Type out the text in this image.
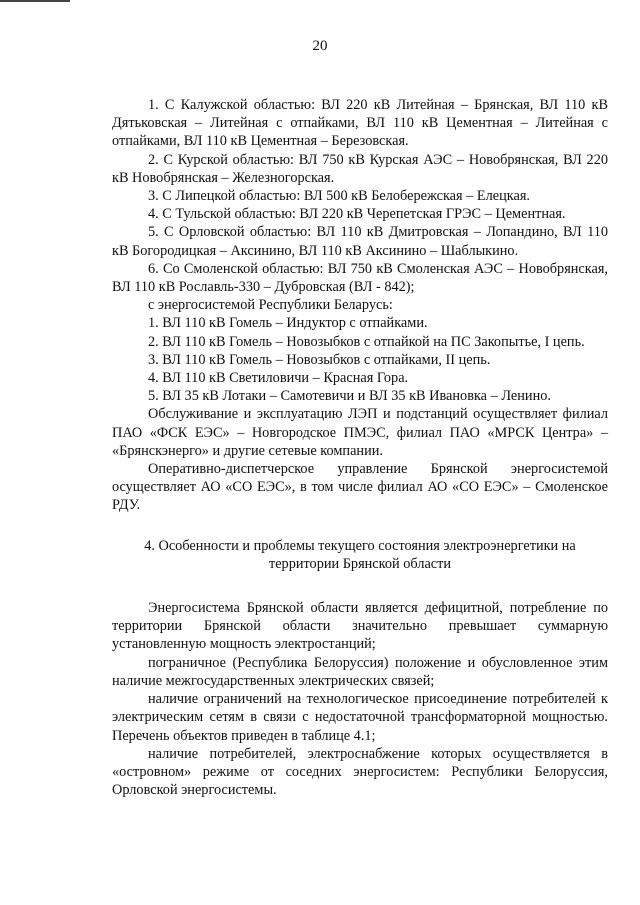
20

1. С Калужской областью: ВЛ 220 кВ Литейная – Брянская, ВЛ 110 кВ Дятьковская – Литейная с отпайками, ВЛ 110 кВ Цементная – Литейная с отпайками, ВЛ 110 кВ Цементная – Березовская.

2. С Курской областью: ВЛ 750 кВ Курская АЭС – Новобрянская, ВЛ 220 кВ Новобрянская – Железногорская.

3. С Липецкой областью: ВЛ 500 кВ Белобережская – Елецкая.

4. С Тульской областью: ВЛ 220 кВ Черепетская ГРЭС – Цементная.

5. С Орловской областью: ВЛ 110 кВ Дмитровская – Лопандино, ВЛ 110 кВ Богородицкая – Аксинино, ВЛ 110 кВ Аксинино – Шаблыкино.

6. Со Смоленской областью: ВЛ 750 кВ Смоленская АЭС – Новобрянская, ВЛ 110 кВ Рославль-330 – Дубровская (ВЛ - 842);

с энергосистемой Республики Беларусь:

1. ВЛ 110 кВ Гомель – Индуктор с отпайками.

2. ВЛ 110 кВ Гомель – Новозыбков с отпайкой на ПС Закопытье, I цепь.

3. ВЛ 110 кВ Гомель – Новозыбков с отпайками, II цепь.

4. ВЛ 110 кВ Светиловичи – Красная Гора.

5. ВЛ 35 кВ Лотаки – Самотевичи и ВЛ 35 кВ Ивановка – Ленино.

Обслуживание и эксплуатацию ЛЭП и подстанций осуществляет филиал ПАО «ФСК ЕЭС» – Новгородское ПМЭС, филиал ПАО «МРСК Центра» – «Брянскэнерго» и другие сетевые компании.

Оперативно-диспетчерское управление Брянской энергосистемой осуществляет АО «СО ЕЭС», в том числе филиал АО «СО ЕЭС» – Смоленское РДУ.

4. Особенности и проблемы текущего состояния электроэнергетики на
территории Брянской области

Энергосистема Брянской области является дефицитной, потребление по территории Брянской области значительно превышает суммарную установленную мощность электростанций;

пограничное (Республика Белоруссия) положение и обусловленное этим наличие межгосударственных электрических связей;

наличие ограничений на технологическое присоединение потребителей к электрическим сетям в связи с недостаточной трансформаторной мощностью. Перечень объектов приведен в таблице 4.1;

наличие потребителей, электроснабжение которых осуществляется в «островном» режиме от соседних энергосистем: Республики Белоруссия, Орловской энергосистемы.
